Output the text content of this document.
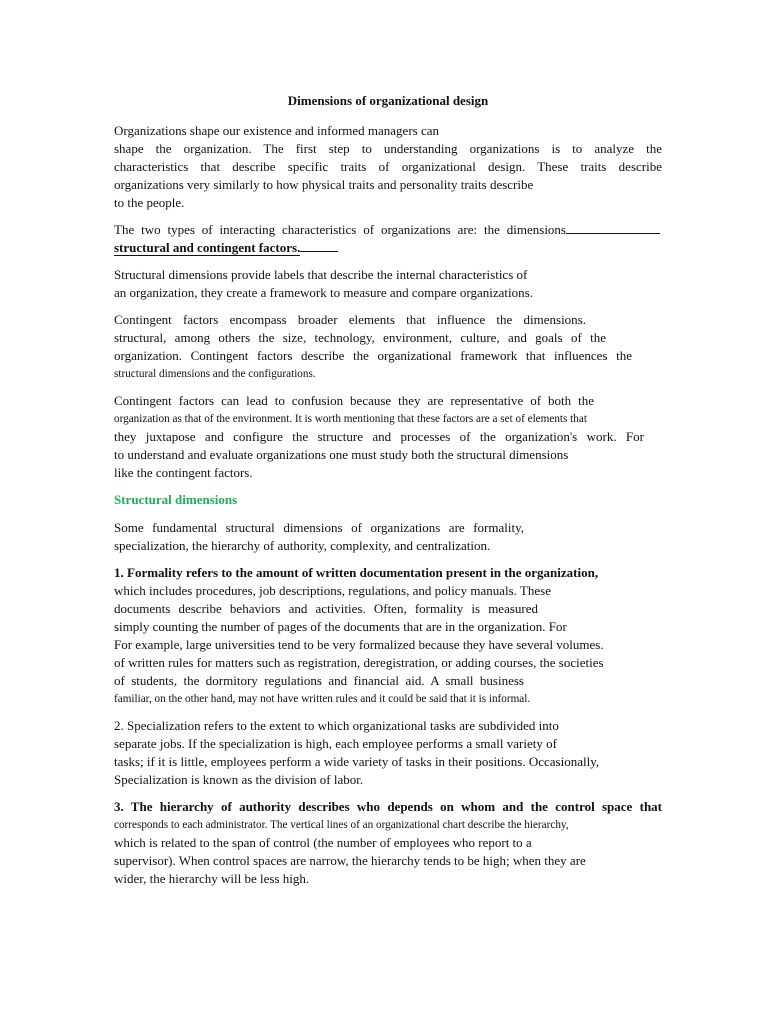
Dimensions of organizational design
Organizations shape our existence and informed managers can
shape the organization. The first step to understanding organizations is to analyze the
characteristics that describe specific traits of organizational design. These traits describe
organizations very similarly to how physical traits and personality traits describe
to the people.
The two types of interacting characteristics of organizations are: the dimensions
structural and contingent factors.
Structural dimensions provide labels that describe the internal characteristics of
an organization, they create a framework to measure and compare organizations.
Contingent factors encompass broader elements that influence the dimensions.
structural, among others the size, technology, environment, culture, and goals of the
organization. Contingent factors describe the organizational framework that influences the
structural dimensions and the configurations.
Contingent factors can lead to confusion because they are representative of both the
organization as that of the environment. It is worth mentioning that these factors are a set of elements that
they juxtapose and configure the structure and processes of the organization's work. For
to understand and evaluate organizations one must study both the structural dimensions
like the contingent factors.
Structural dimensions
Some fundamental structural dimensions of organizations are formality,
specialization, the hierarchy of authority, complexity, and centralization.
1. Formality refers to the amount of written documentation present in the organization,
which includes procedures, job descriptions, regulations, and policy manuals. These
documents describe behaviors and activities. Often, formality is measured
simply counting the number of pages of the documents that are in the organization. For
For example, large universities tend to be very formalized because they have several volumes.
of written rules for matters such as registration, deregistration, or adding courses, the societies
of students, the dormitory regulations and financial aid. A small business
familiar, on the other hand, may not have written rules and it could be said that it is informal.
2. Specialization refers to the extent to which organizational tasks are subdivided into
separate jobs. If the specialization is high, each employee performs a small variety of
tasks; if it is little, employees perform a wide variety of tasks in their positions. Occasionally,
Specialization is known as the division of labor.
3. The hierarchy of authority describes who depends on whom and the control space that
corresponds to each administrator. The vertical lines of an organizational chart describe the hierarchy,
which is related to the span of control (the number of employees who report to a
supervisor). When control spaces are narrow, the hierarchy tends to be high; when they are
wider, the hierarchy will be less high.
